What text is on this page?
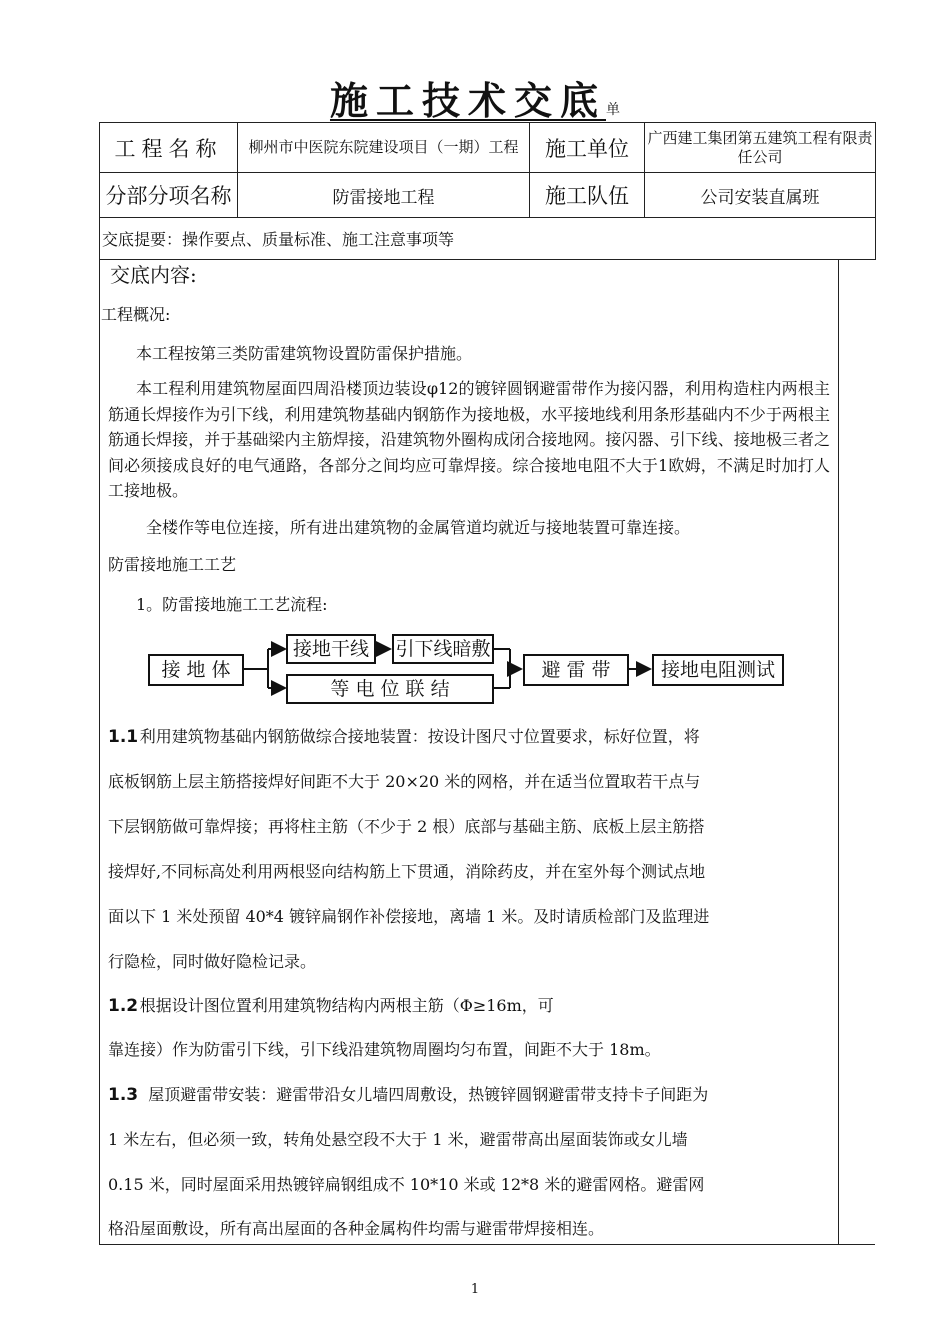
施工技术交底单
工程名称	柳州市中医院东院建设项目（一期）工程	施工单位	广西建工集团第五建筑工程有限责任公司
分部分项名称	防雷接地工程	施工队伍	公司安装直属班
交底提要：操作要点、质量标准、施工注意事项等			

交底内容:

工程概况:

本工程按第三类防雷建筑物设置防雷保护措施。

本工程利用建筑物屋面四周沿楼顶边装设φ12的镀锌圆钢避雷带作为接闪器，利用构造柱内两根主筋通长焊接作为引下线，利用建筑物基础内钢筋作为接地极，水平接地线利用条形基础内不少于两根主筋通长焊接，并于基础梁内主筋焊接，沿建筑物外圈构成闭合接地网。接闪器、引下线、接地极三者之间必须接成良好的电气通路，各部分之间均应可靠焊接。综合接地电阻不大于1欧姆，不满足时加打人工接地极。

全楼作等电位连接，所有进出建筑物的金属管道均就近与接地装置可靠连接。

防雷接地施工工艺

1。防雷接地施工工艺流程:

接 地 体
接地干线	引下线暗敷
等 电 位 联 结
避 雷 带	接地电阻测试

1.1 利用建筑物基础内钢筋做综合接地装置：按设计图尺寸位置要求，标好位置，将

底板钢筋上层主筋搭接焊好间距不大于 20×20 米的网格，并在适当位置取若干点与

下层钢筋做可靠焊接；再将柱主筋（不少于 2 根）底部与基础主筋、底板上层主筋搭

接焊好,不同标高处利用两根竖向结构筋上下贯通，消除药皮，并在室外每个测试点地

面以下 1 米处预留 40*4 镀锌扁钢作补偿接地，离墙 1 米。及时请质检部门及监理进

行隐检，同时做好隐检记录。

1.2 根据设计图位置利用建筑物结构内两根主筋（Φ≥16m，可

靠连接）作为防雷引下线，引下线沿建筑物周圈均匀布置，间距不大于 18m。

1.3 屋顶避雷带安装：避雷带沿女儿墙四周敷设，热镀锌圆钢避雷带支持卡子间距为

1 米左右，但必须一致，转角处悬空段不大于 1 米，避雷带高出屋面装饰或女儿墙

0.15 米，同时屋面采用热镀锌扁钢组成不 10*10 米或 12*8 米的避雷网格。避雷网

格沿屋面敷设，所有高出屋面的各种金属构件均需与避雷带焊接相连。

1
